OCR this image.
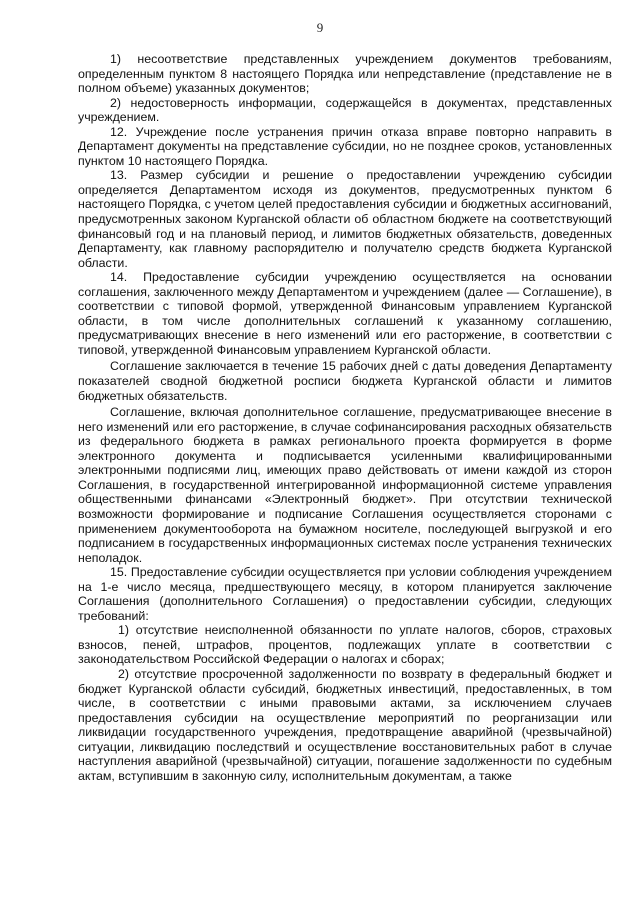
9

1) несоответствие представленных учреждением документов требованиям, определенным пунктом 8 настоящего Порядка или непредставление (представление не в полном объеме) указанных документов;

2) недостоверность информации, содержащейся в документах, представленных учреждением.

12. Учреждение после устранения причин отказа вправе повторно направить в Департамент документы на представление субсидии, но не позднее сроков, установленных пунктом 10 настоящего Порядка.

13. Размер субсидии и решение о предоставлении учреждению субсидии определяется Департаментом исходя из документов, предусмотренных пунктом 6 настоящего Порядка, с учетом целей предоставления субсидии и бюджетных ассигнований, предусмотренных законом Курганской области об областном бюджете на соответствующий финансовый год и на плановый период, и лимитов бюджетных обязательств, доведенных Департаменту, как главному распорядителю и получателю средств бюджета Курганской области.

14. Предоставление субсидии учреждению осуществляется на основании соглашения, заключенного между Департаментом и учреждением (далее — Соглашение), в соответствии с типовой формой, утвержденной Финансовым управлением Курганской области, в том числе дополнительных соглашений к указанному соглашению, предусматривающих внесение в него изменений или его расторжение, в соответствии с типовой, утвержденной Финансовым управлением Курганской области.

Соглашение заключается в течение 15 рабочих дней с даты доведения Департаменту показателей сводной бюджетной росписи бюджета Курганской области и лимитов бюджетных обязательств.

Соглашение, включая дополнительное соглашение, предусматривающее внесение в него изменений или его расторжение, в случае софинансирования расходных обязательств из федерального бюджета в рамках регионального проекта формируется в форме электронного документа и подписывается усиленными квалифицированными электронными подписями лиц, имеющих право действовать от имени каждой из сторон Соглашения, в государственной интегрированной информационной системе управления общественными финансами «Электронный бюджет». При отсутствии технической возможности формирование и подписание Соглашения осуществляется сторонами с применением документооборота на бумажном носителе, последующей выгрузкой и его подписанием в государственных информационных системах после устранения технических неполадок.

15. Предоставление субсидии осуществляется при условии соблюдения учреждением на 1-е число месяца, предшествующего месяцу, в котором планируется заключение Соглашения (дополнительного Соглашения) о предоставлении субсидии, следующих требований:

1) отсутствие неисполненной обязанности по уплате налогов, сборов, страховых взносов, пеней, штрафов, процентов, подлежащих уплате в соответствии с законодательством Российской Федерации о налогах и сборах;

2) отсутствие просроченной задолженности по возврату в федеральный бюджет и бюджет Курганской области субсидий, бюджетных инвестиций, предоставленных, в том числе, в соответствии с иными правовыми актами, за исключением случаев предоставления субсидии на осуществление мероприятий по реорганизации или ликвидации государственного учреждения, предотвращение аварийной (чрезвычайной) ситуации, ликвидацию последствий и осуществление восстановительных работ в случае наступления аварийной (чрезвычайной) ситуации, погашение задолженности по судебным актам, вступившим в законную силу, исполнительным документам, а также
